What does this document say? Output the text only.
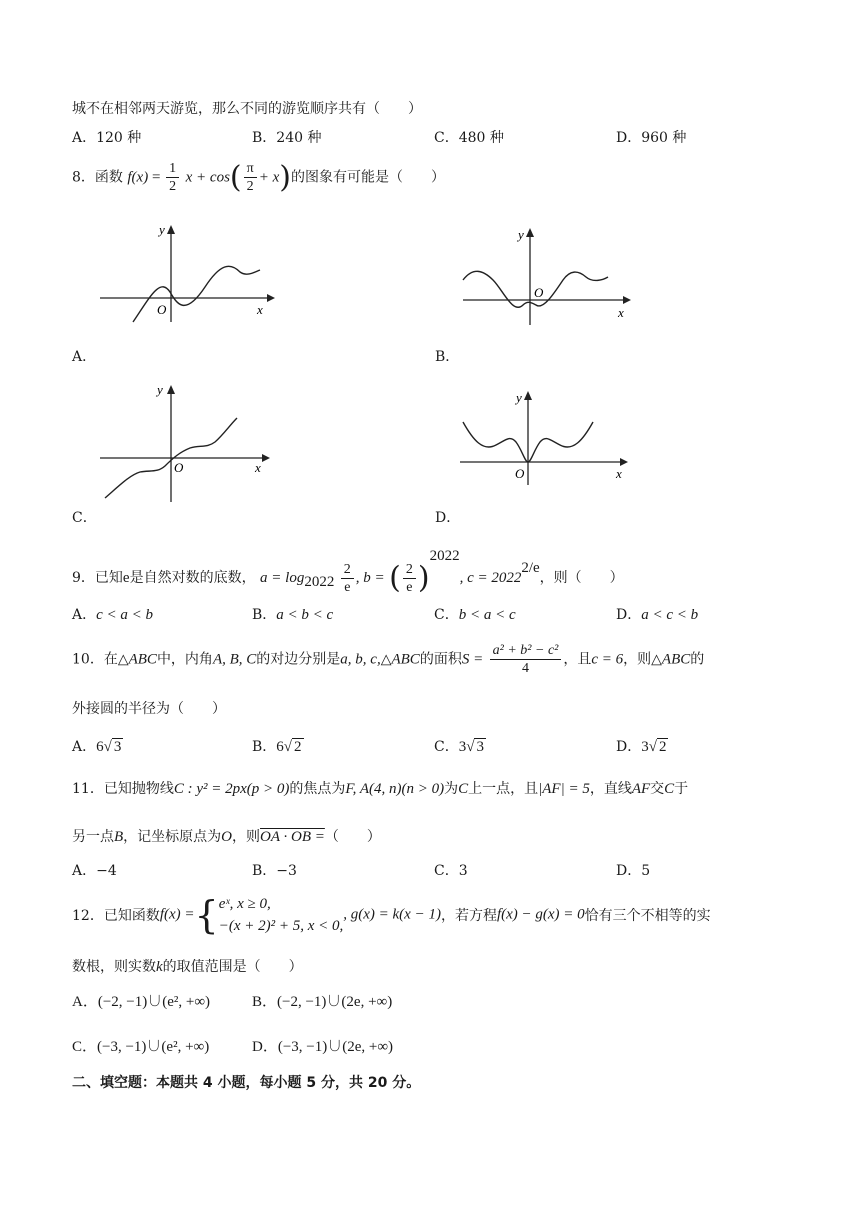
城不在相邻两天游览，那么不同的游览顺序共有（　　）
A．120 种	B．240 种	C．480 种	D．960 种
8．函数 $f(x) = \frac{1}{2}$ $x + \cos( \frac{\pi}{2} + x)$的图象有可能是（　　）
y
x
O
A．
y
x
O
B．
y
x
O
C．
y
x
O
D．
9．已知e是自然对数的底数， $a = \log_{2022} \frac{2}{e}$ , b = ( $\frac{2}{e} )^{2022}$, $c = 2022^{2/e}$，则（　　）
A．c < a < b	B．a < b < c	C．b < a < c	D．a < c < b
10．在△ABC中，内角A, B, C的对边分别是a, b, c,△ABC的面积$S = \frac{\text{a² + b² − c²}}{4}$ ，且c = 6，则△ABC的
外接圆的半径为（　　）
A．6√ 3	B．6√ 2	C．3√ 3	D．3√ 2
11．已知抛物线C : y² = 2px(p > 0)的焦点为F, A(4, n)(n > 0)为C上一点，且|AF| = 5，直线AF交C于
另一点B，记坐标原点为O，则OA · OB =（　　）
A．−4	B．−3	C．3	D．5
12．已知函数f(x) ={ eˣ, x ≥ 0,
−(x + 2)² + 5, x < 0,
, g(x) = k(x − 1)，若方程f(x) − g(x) = 0恰有三个不相等的实
数根，则实数k的取值范围是（　　）
A．(−2, −1)∪(e², +∞)	B．(−2, −1)∪(2e, +∞)
C．(−3, −1)∪(e², +∞)	D．(−3, −1)∪(2e, +∞)
二、填空题：本题共 4 小题，每小题 5 分，共 20 分。
